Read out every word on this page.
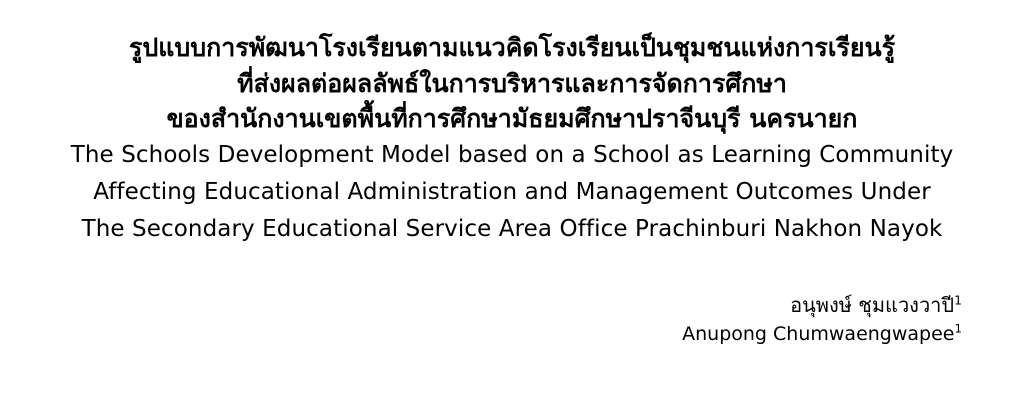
รูปแบบการพัฒนาโรงเรียนตามแนวคิดโรงเรียนเป็นชุมชนแห่งการเรียนรู้
ที่ส่งผลต่อผลลัพธ์ในการบริหารและการจัดการศึกษา
ของสำนักงานเขตพื้นที่การศึกษามัธยมศึกษาปราจีนบุรี นครนายก
The Schools Development Model based on a School as Learning Community
Affecting Educational Administration and Management Outcomes Under
The Secondary Educational Service Area Office Prachinburi Nakhon Nayok
อนุพงษ์ ชุมแวงวาปี$^1$
Anupong Chumwaengwapee$^1$
